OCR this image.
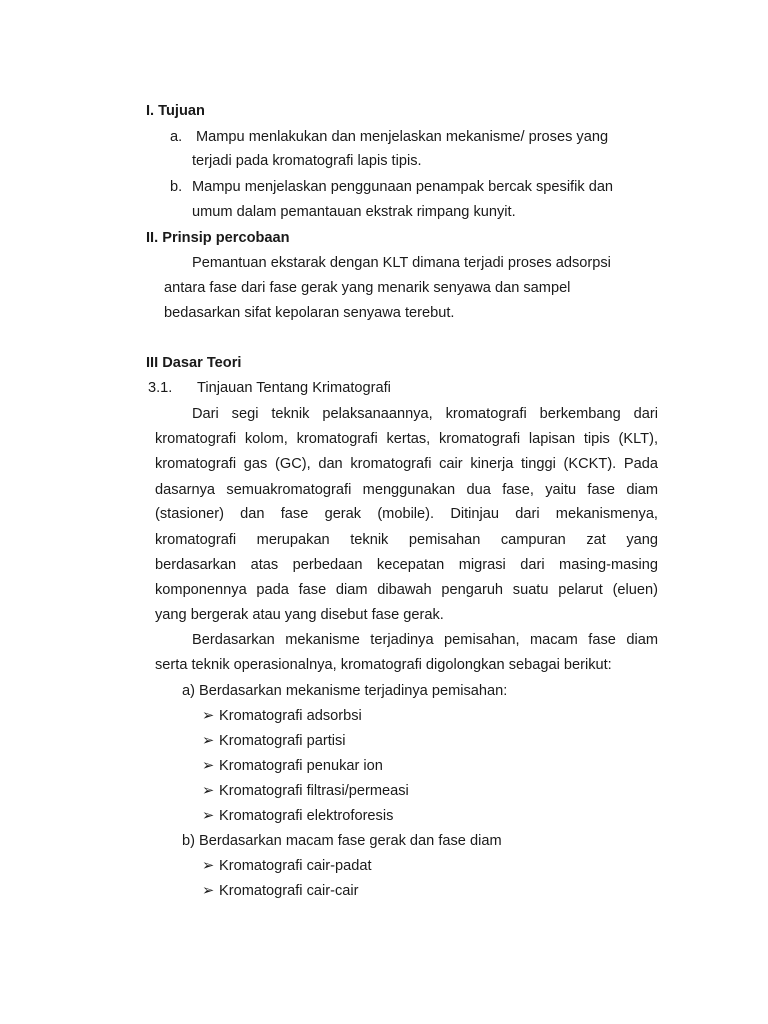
I. Tujuan
a. Mampu menlakukan dan menjelaskan mekanisme/ proses yang
terjadi pada kromatografi lapis tipis.
b. Mampu menjelaskan penggunaan penampak bercak spesifik dan
umum dalam pemantauan ekstrak rimpang kunyit.
II. Prinsip percobaan
Pemantuan ekstarak dengan KLT dimana terjadi proses adsorpsi
antara fase dari fase gerak yang menarik senyawa dan sampel
bedasarkan sifat kepolaran senyawa terebut.
III Dasar Teori
3.1. Tinjauan Tentang Krimatografi
Dari segi teknik pelaksanaannya, kromatografi berkembang dari
kromatografi kolom, kromatografi kertas, kromatografi lapisan tipis (KLT),
kromatografi gas (GC), dan kromatografi cair kinerja tinggi (KCKT). Pada
dasarnya semuakromatografi menggunakan dua fase, yaitu fase diam
(stasioner) dan fase gerak (mobile). Ditinjau dari mekanismenya,
kromatografi merupakan teknik pemisahan campuran zat yang
berdasarkan atas perbedaan kecepatan migrasi dari masing-masing
komponennya pada fase diam dibawah pengaruh suatu pelarut (eluen)
yang bergerak atau yang disebut fase gerak.
Berdasarkan mekanisme terjadinya pemisahan, macam fase diam
serta teknik operasionalnya, kromatografi digolongkan sebagai berikut:
a) Berdasarkan mekanisme terjadinya pemisahan:
➢ Kromatografi adsorbsi
➢ Kromatografi partisi
➢ Kromatografi penukar ion
➢ Kromatografi filtrasi/permeasi
➢ Kromatografi elektroforesis
b) Berdasarkan macam fase gerak dan fase diam
➢ Kromatografi cair-padat
➢ Kromatografi cair-cair
